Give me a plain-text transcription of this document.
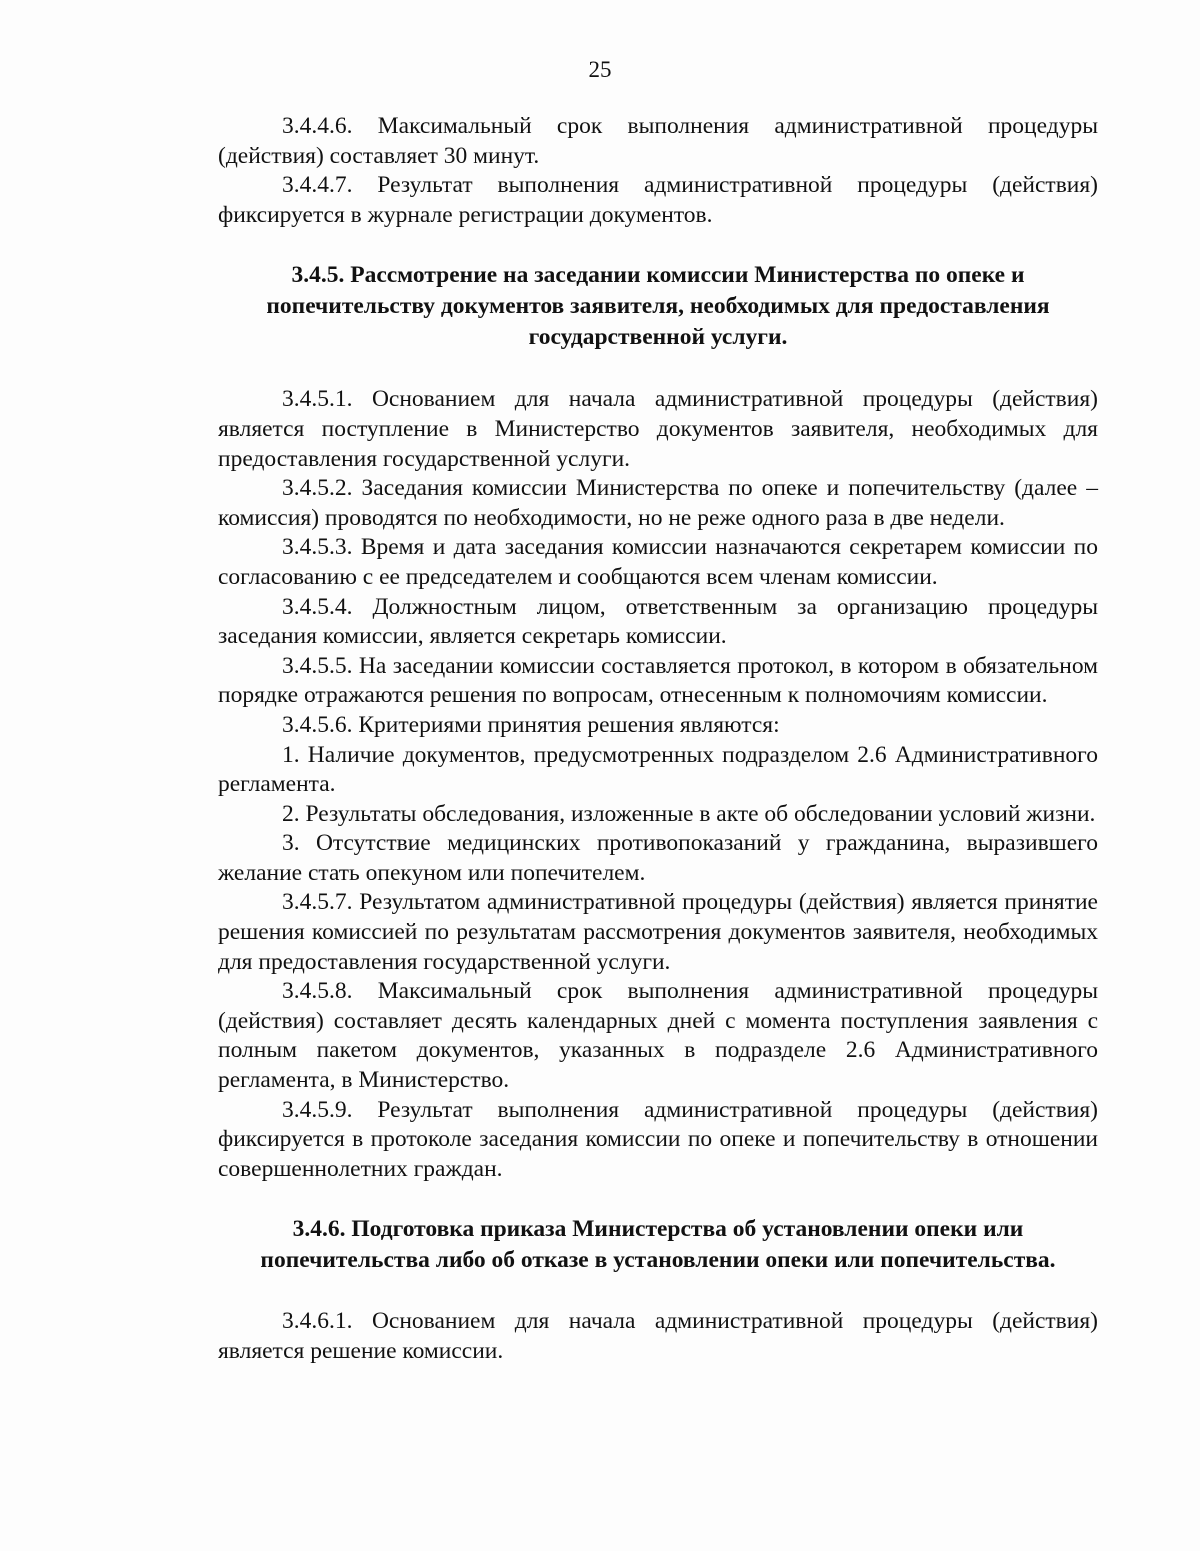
25

3.4.4.6. Максимальный срок выполнения административной процедуры (действия) составляет 30 минут.

3.4.4.7. Результат выполнения административной процедуры (действия) фиксируется в журнале регистрации документов.

3.4.5. Рассмотрение на заседании комиссии Министерства по опеке и
попечительству документов заявителя, необходимых для предоставления
государственной услуги.

3.4.5.1. Основанием для начала административной процедуры (действия) является поступление в Министерство документов заявителя, необходимых для предоставления государственной услуги.

3.4.5.2. Заседания комиссии Министерства по опеке и попечительству (далее – комиссия) проводятся по необходимости, но не реже одного раза в две недели.

3.4.5.3. Время и дата заседания комиссии назначаются секретарем комиссии по согласованию с ее председателем и сообщаются всем членам комиссии.

3.4.5.4. Должностным лицом, ответственным за организацию процедуры заседания комиссии, является секретарь комиссии.

3.4.5.5. На заседании комиссии составляется протокол, в котором в обязательном порядке отражаются решения по вопросам, отнесенным к полномочиям комиссии.

3.4.5.6. Критериями принятия решения являются:

1. Наличие документов, предусмотренных подразделом 2.6 Административного регламента.

2. Результаты обследования, изложенные в акте об обследовании условий жизни.

3. Отсутствие медицинских противопоказаний у гражданина, выразившего желание стать опекуном или попечителем.

3.4.5.7. Результатом административной процедуры (действия) является принятие решения комиссией по результатам рассмотрения документов заявителя, необходимых для предоставления государственной услуги.

3.4.5.8. Максимальный срок выполнения административной процедуры (действия) составляет десять календарных дней с момента поступления заявления с полным пакетом документов, указанных в подразделе 2.6 Административного регламента, в Министерство.

3.4.5.9. Результат выполнения административной процедуры (действия) фиксируется в протоколе заседания комиссии по опеке и попечительству в отношении совершеннолетних граждан.

3.4.6. Подготовка приказа Министерства об установлении опеки или
попечительства либо об отказе в установлении опеки или попечительства.

3.4.6.1. Основанием для начала административной процедуры (действия) является решение комиссии.
